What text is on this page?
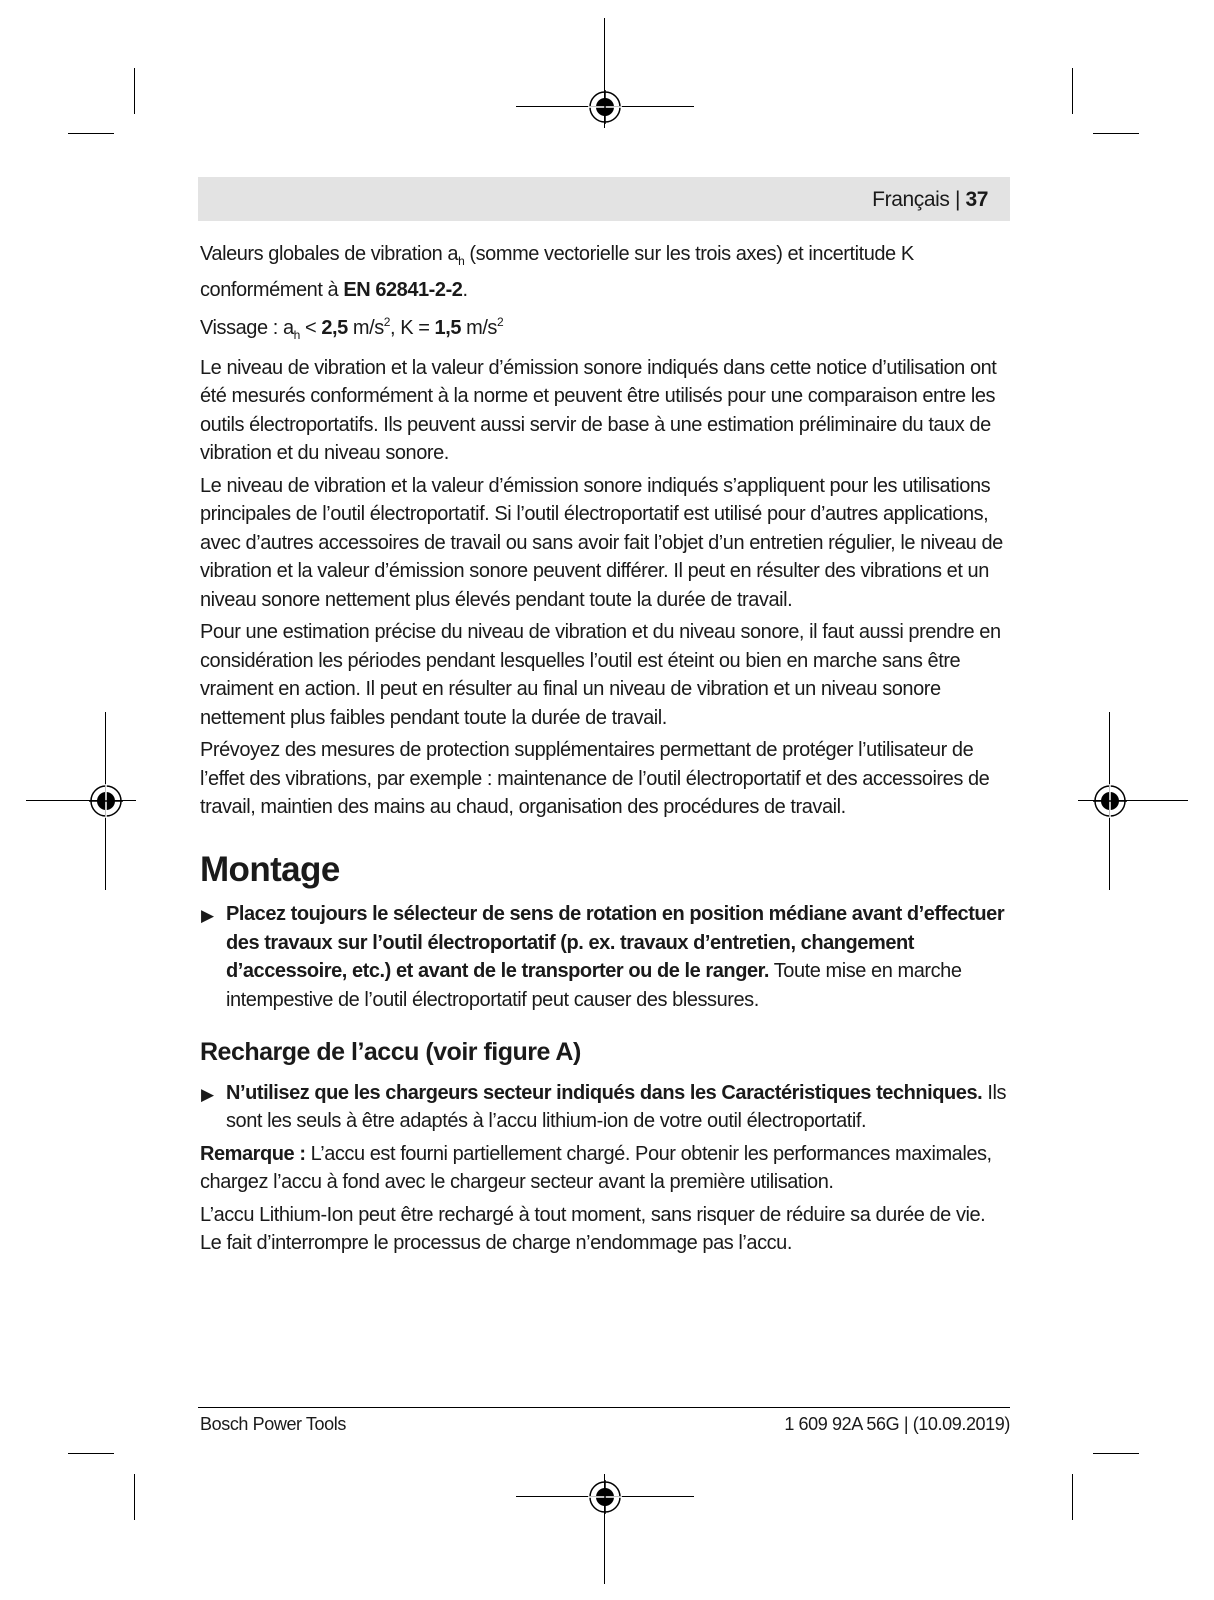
Français | 37

Valeurs globales de vibration $a_h$ (somme vectorielle sur les trois axes) et incertitude K conformément à EN 62841-2-2.

Vissage : $a_h < 2,5$ $m/s^2$, K = 1,5 $m/s^2$

Le niveau de vibration et la valeur d’émission sonore indiqués dans cette notice d’utilisation ont été mesurés conformément à la norme et peuvent être utilisés pour une comparaison entre les outils électroportatifs. Ils peuvent aussi servir de base à une estimation préliminaire du taux de vibration et du niveau sonore.

Le niveau de vibration et la valeur d’émission sonore indiqués s’appliquent pour les utilisations principales de l’outil électroportatif. Si l’outil électroportatif est utilisé pour d’autres applications, avec d’autres accessoires de travail ou sans avoir fait l’objet d’un entretien régulier, le niveau de vibration et la valeur d’émission sonore peuvent différer. Il peut en résulter des vibrations et un niveau sonore nettement plus élevés pendant toute la durée de travail.

Pour une estimation précise du niveau de vibration et du niveau sonore, il faut aussi prendre en considération les périodes pendant lesquelles l’outil est éteint ou bien en marche sans être vraiment en action. Il peut en résulter au final un niveau de vibration et un niveau sonore nettement plus faibles pendant toute la durée de travail.

Prévoyez des mesures de protection supplémentaires permettant de protéger l’utilisateur de l’effet des vibrations, par exemple : maintenance de l’outil électroportatif et des accessoires de travail, maintien des mains au chaud, organisation des procédures de travail.

Montage
▶ Placez toujours le sélecteur de sens de rotation en position médiane avant d’effectuer des travaux sur l’outil électroportatif (p. ex. travaux d’entretien, changement d’accessoire, etc.) et avant de le transporter ou de le ranger. Toute mise en marche intempestive de l’outil électroportatif peut causer des blessures.
Recharge de l’accu (voir figure A)
▶ N’utilisez que les chargeurs secteur indiqués dans les Caractéristiques techniques. Ils sont les seuls à être adaptés à l’accu lithium-ion de votre outil électroportatif.

Remarque : L’accu est fourni partiellement chargé. Pour obtenir les performances maximales, chargez l’accu à fond avec le chargeur secteur avant la première utilisation.

L’accu Lithium-Ion peut être rechargé à tout moment, sans risquer de réduire sa durée de vie. Le fait d’interrompre le processus de charge n’endommage pas l’accu.

Bosch Power Tools	1 609 92A 56G | (10.09.2019)
